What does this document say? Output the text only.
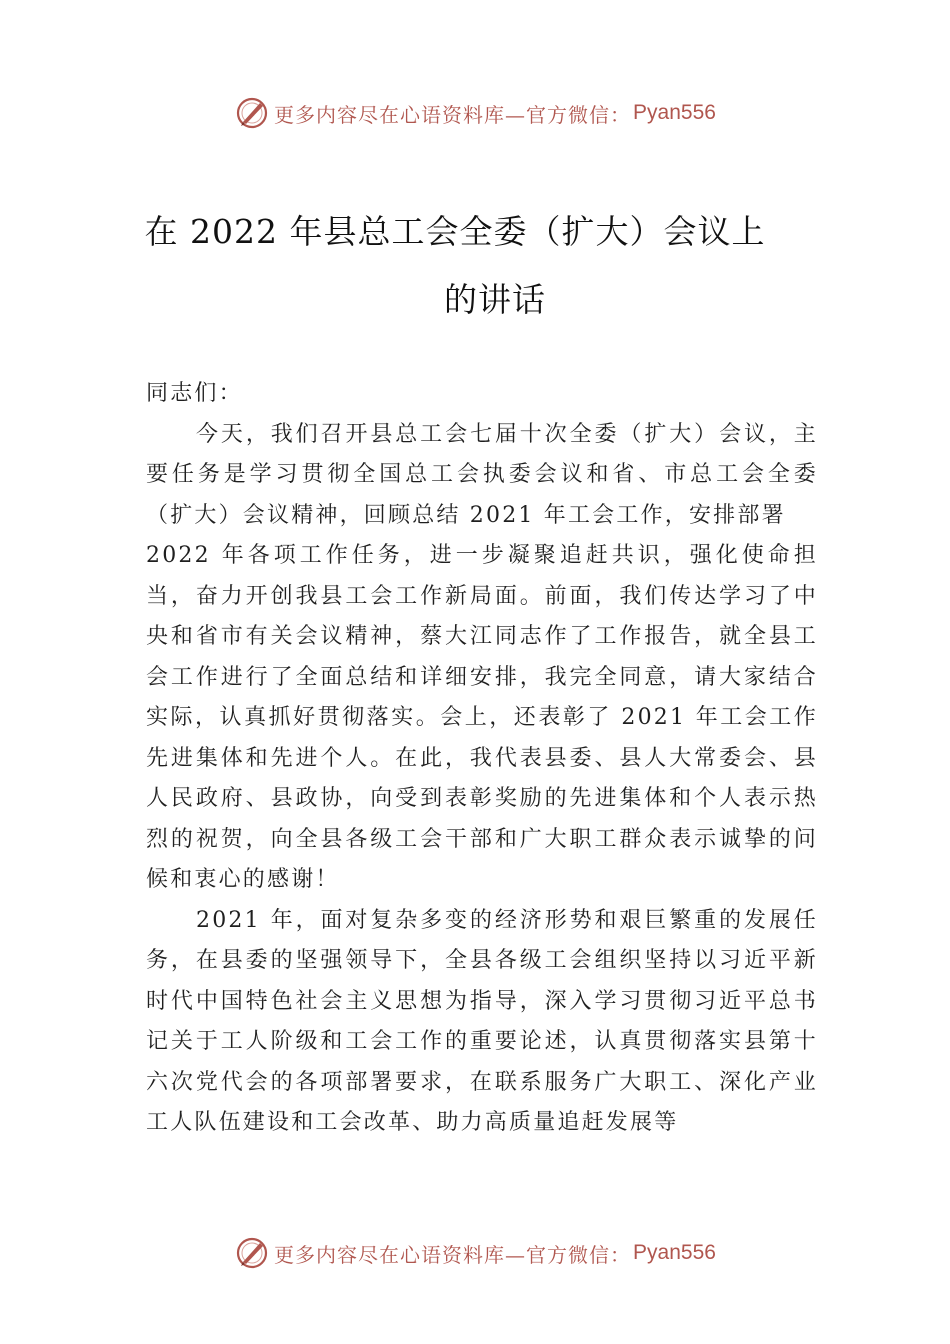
更多内容尽在心语资料库—官方微信： Pyan556
在 2022 年县总工会全委（扩大）会议上
的讲话

同志们：

今天，我们召开县总工会七届十次全委（扩大）会议，主要任务是学习贯彻全国总工会执委会议和省、市总工会全委（扩大）会议精神，回顾总结 2021 年工会工作，安排部署

2022 年各项工作任务，进一步凝聚追赶共识，强化使命担当，奋力开创我县工会工作新局面。前面，我们传达学习了中央和省市有关会议精神，蔡大江同志作了工作报告，就全县工会工作进行了全面总结和详细安排，我完全同意，请大家结合实际，认真抓好贯彻落实。会上，还表彰了 2021 年工会工作先进集体和先进个人。在此，我代表县委、县人大常委会、县人民政府、县政协，向受到表彰奖励的先进集体和个人表示热烈的祝贺，向全县各级工会干部和广大职工群众表示诚挚的问候和衷心的感谢！

2021 年，面对复杂多变的经济形势和艰巨繁重的发展任务，在县委的坚强领导下，全县各级工会组织坚持以习近平新时代中国特色社会主义思想为指导，深入学习贯彻习近平总书记关于工人阶级和工会工作的重要论述，认真贯彻落实县第十六次党代会的各项部署要求，在联系服务广大职工、深化产业工人队伍建设和工会改革、助力高质量追赶发展等

更多内容尽在心语资料库—官方微信： Pyan556
